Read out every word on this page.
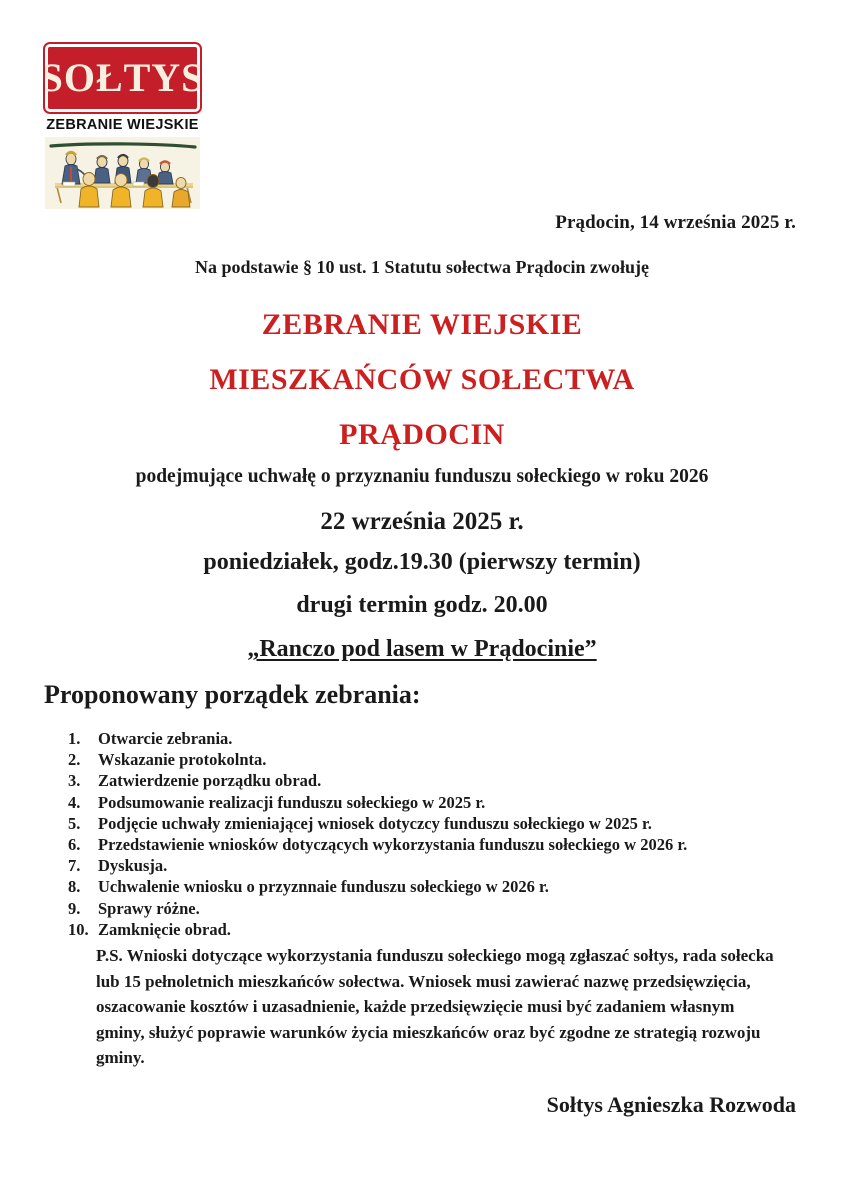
SOŁTYS
ZEBRANIE WIEJSKIE
Prądocin, 14 września 2025 r.
Na podstawie § 10 ust. 1 Statutu sołectwa Prądocin zwołuję
ZEBRANIE WIEJSKIE
MIESZKAŃCÓW SOŁECTWA
PRĄDOCIN
podejmujące uchwałę o przyznaniu funduszu sołeckiego w roku 2026
22 września 2025 r.
poniedziałek, godz.19.30 (pierwszy termin)
drugi termin godz. 20.00
„Ranczo pod lasem w Prądocinie”
Proponowany porządek zebrania:
1.	Otwarcie zebrania.
2.	Wskazanie protokolnta.
3.	Zatwierdzenie porządku obrad.
4.	Podsumowanie realizacji funduszu sołeckiego w 2025 r.
5.	Podjęcie uchwały zmieniającej wniosek dotyczcy funduszu sołeckiego w 2025 r.
6.	Przedstawienie wniosków dotyczących wykorzystania funduszu sołeckiego w 2026 r.
7.	Dyskusja.
8.	Uchwalenie wniosku o przyznnaie funduszu sołeckiego w 2026 r.
9.	Sprawy różne.
10. Zamknięcie obrad.
P.S. Wnioski dotyczące wykorzystania funduszu sołeckiego mogą zgłaszać sołtys, rada sołecka lub 15 pełnoletnich mieszkańców sołectwa. Wniosek musi zawierać nazwę przedsięwzięcia, oszacowanie kosztów i uzasadnienie, każde przedsięwzięcie musi być zadaniem własnym gminy, służyć poprawie warunków życia mieszkańców oraz być zgodne ze strategią rozwoju gminy.
Sołtys Agnieszka Rozwoda
